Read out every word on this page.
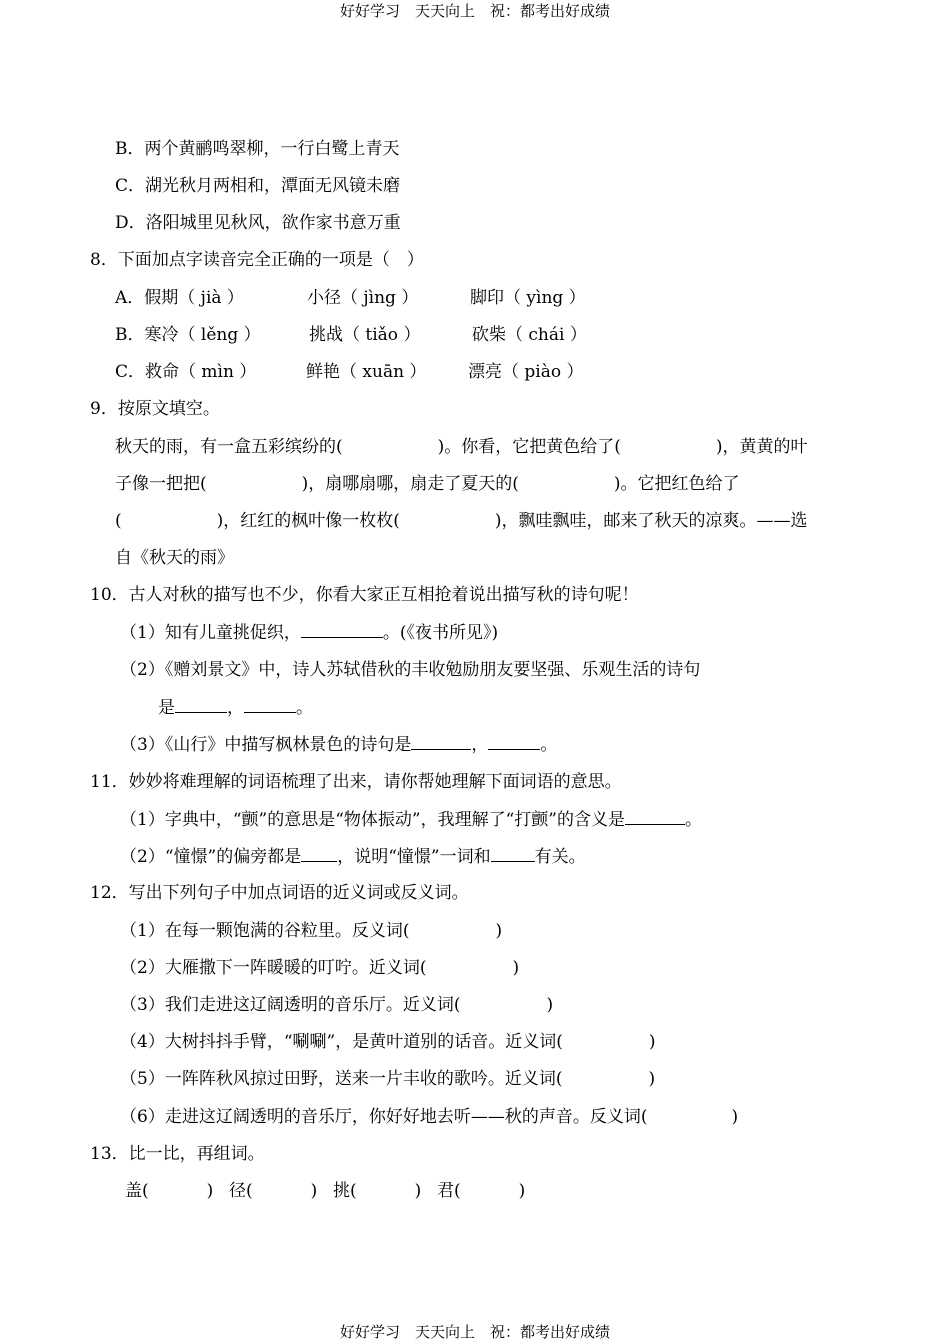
好好学习　天天向上　祝：都考出好成绩
B．两个黄鹂鸣翠柳，一行白鹭上青天
C．湖光秋月两相和，潭面无风镜未磨
D．洛阳城里见秋风，欲作家书意万重
8．下面加点字读音完全正确的一项是（　）
A．假期（ jià ）	小径（ jìng ）	脚印（ yìng ）
B．寒冷（ lěng ）	挑战（ tiǎo ）	砍柴（ chái ）
C．救命（ mìn ）	鲜艳（ xuān ） 漂亮（ piào ）
9．按原文填空。
秋天的雨，有一盒五彩缤纷的(	)。你看，它把黄色给了(	)，黄黄的叶
子像一把把(	)，扇哪扇哪，扇走了夏天的(	)。它把红色给了
(	)，红红的枫叶像一枚枚(	)，飘哇飘哇，邮来了秋天的凉爽。——选
自《秋天的雨》
10．古人对秋的描写也不少，你看大家正互相抢着说出描写秋的诗句呢！
（1）知有儿童挑促织，	。(《夜书所见》)
（2）《赠刘景文》中，诗人苏轼借秋的丰收勉励朋友要坚强、乐观生活的诗句
是	，	。
（3）《山行》中描写枫林景色的诗句是	，	。
11．妙妙将难理解的词语梳理了出来，请你帮她理解下面词语的意思。
（1）字典中，“颤”的意思是“物体振动”，我理解了“打颤”的含义是	。
（2）“憧憬”的偏旁都是 ，说明“憧憬”一词和	有关。
12．写出下列句子中加点词语的近义词或反义词。
（1）在每一颗饱满的谷粒里。反义词(	)
（2）大雁撒下一阵暖暖的叮咛。近义词(	)
（3）我们走进这辽阔透明的音乐厅。近义词(	)
（4）大树抖抖手臂，“唰唰”，是黄叶道别的话音。近义词(	)
（5）一阵阵秋风掠过田野，送来一片丰收的歌吟。近义词(	)
（6）走进这辽阔透明的音乐厅，你好好地去听——秋的声音。反义词(	)
13．比一比，再组词。
盖(	) 径(	) 挑(	) 君(	)
好好学习　天天向上　祝：都考出好成绩
